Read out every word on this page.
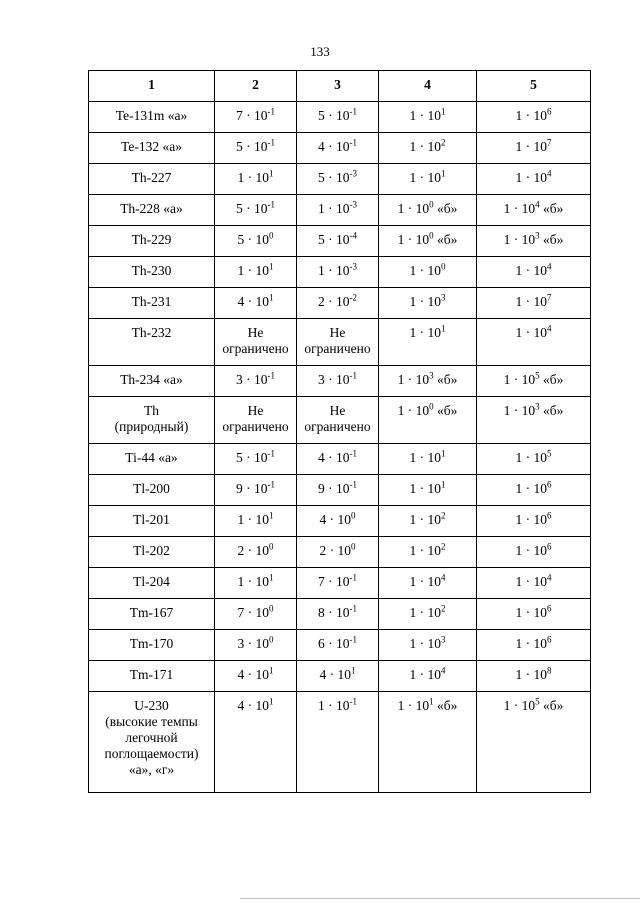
133
1	2	3	4	5

Te-131m «а»	$7 \cdot 10^{-1}$	$5 \cdot 10^{-1}$	$1 \cdot 10^1$	$1 \cdot 10^6$

Te-132 «а»	$5 \cdot 10^{-1}$	$4 \cdot 10^{-1}$	$1 \cdot 10^2$	$1 \cdot 10^7$

Th-227	$1 \cdot 10^1$	$5 \cdot 10^{-3}$	$1 \cdot 10^1$	$1 \cdot 10^4$

Th-228 «а»	$5 \cdot 10^{-1}$	$1 \cdot 10^{-3}$	$1 \cdot 10^0$ «б»	$1 \cdot 10^4$ «б»

Th-229	$5 \cdot 10^0$	$5 \cdot 10^{-4}$	$1 \cdot 10^0$ «б»	$1 \cdot 10^3$ «б»

Th-230	$1 \cdot 10^1$	$1 \cdot 10^{-3}$	$1 \cdot 10^0$	$1 \cdot 10^4$

Th-231	$4 \cdot 10^1$	$2 \cdot 10^{-2}$	$1 \cdot 10^3$	$1 \cdot 10^7$

Th-232	Не
ограничено	Не
ограничено	$1 \cdot 10^1$	$1 \cdot 10^4$

Th-234 «а»	$3 \cdot 10^{-1}$	$3 \cdot 10^{-1}$	$1 \cdot 10^3$ «б»	$1 \cdot 10^5$ «б»

Th
(природный)	Не
ограничено	Не
ограничено	$1 \cdot 10^0$ «б»	$1 \cdot 10^3$ «б»

Ti-44 «а»	$5 \cdot 10^{-1}$	$4 \cdot 10^{-1}$	$1 \cdot 10^1$	$1 \cdot 10^5$

Tl-200	$9 \cdot 10^{-1}$	$9 \cdot 10^{-1}$	$1 \cdot 10^1$	$1 \cdot 10^6$

Tl-201	$1 \cdot 10^1$	$4 \cdot 10^0$	$1 \cdot 10^2$	$1 \cdot 10^6$

Tl-202	$2 \cdot 10^0$	$2 \cdot 10^0$	$1 \cdot 10^2$	$1 \cdot 10^6$

Tl-204	$1 \cdot 10^1$	$7 \cdot 10^{-1}$	$1 \cdot 10^4$	$1 \cdot 10^4$

Tm-167	$7 \cdot 10^0$	$8 \cdot 10^{-1}$	$1 \cdot 10^2$	$1 \cdot 10^6$

Tm-170	$3 \cdot 10^0$	$6 \cdot 10^{-1}$	$1 \cdot 10^3$	$1 \cdot 10^6$

Tm-171	$4 \cdot 10^1$	$4 \cdot 10^1$	$1 \cdot 10^4$	$1 \cdot 10^8$

U-230
(высокие темпы
легочной
поглощаемости)
«а», «г»	$4 \cdot 10^1$	$1 \cdot 10^{-1}$	$1 \cdot 10^1$ «б»	$1 \cdot 10^5$ «б»
